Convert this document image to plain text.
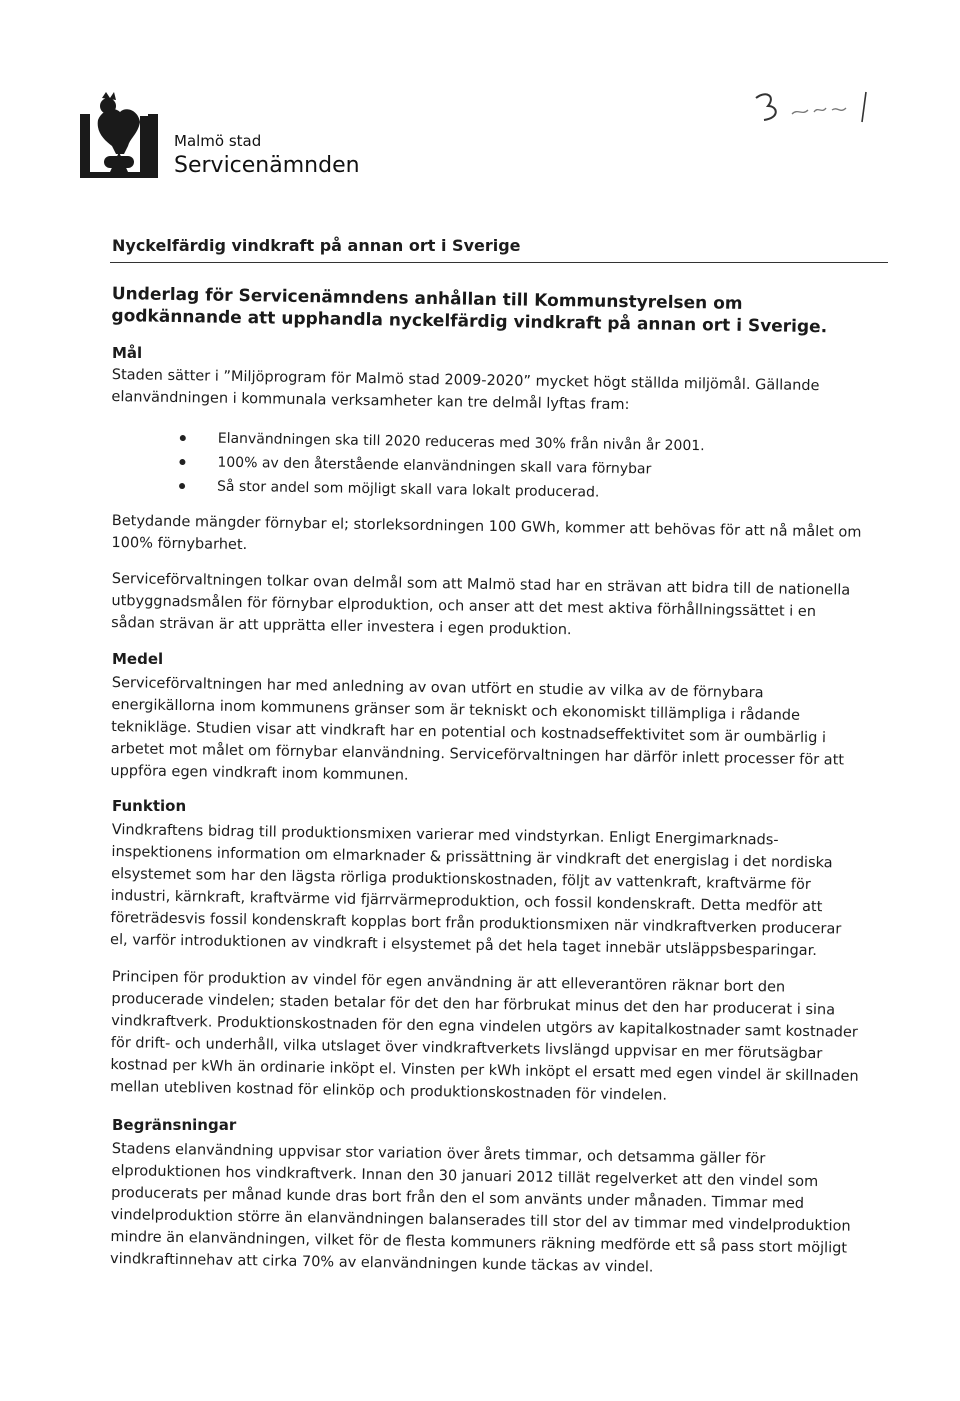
Malmö stad
Servicenämnden
3
Nyckelfärdig vindkraft på annan ort i Sverige
Underlag för Servicenämndens anhållan till Kommunstyrelsen om godkännande att upphandla nyckelfärdig vindkraft på annan ort i Sverige.
Mål
Staden sätter i ”Miljöprogram för Malmö stad 2009-2020” mycket högt ställda miljömål. Gällande elanvändningen i kommunala verksamheter kan tre delmål lyftas fram:
Elanvändningen ska till 2020 reduceras med 30% från nivån år 2001.
100% av den återstående elanvändningen skall vara förnybar
Så stor andel som möjligt skall vara lokalt producerad.
Betydande mängder förnybar el; storleksordningen 100 GWh, kommer att behövas för att nå målet om 100% förnybarhet.
Serviceförvaltningen tolkar ovan delmål som att Malmö stad har en strävan att bidra till de nationella utbyggnadsmålen för förnybar elproduktion, och anser att det mest aktiva förhållningssättet i en sådan strävan är att upprätta eller investera i egen produktion.
Medel
Serviceförvaltningen har med anledning av ovan utfört en studie av vilka av de förnybara energikällorna inom kommunens gränser som är tekniskt och ekonomiskt tillämpliga i rådande teknikläge. Studien visar att vindkraft har en potential och kostnadseffektivitet som är oumbärlig i arbetet mot målet om förnybar elanvändning. Serviceförvaltningen har därför inlett processer för att uppföra egen vindkraft inom kommunen.
Funktion
Vindkraftens bidrag till produktionsmixen varierar med vindstyrkan. Enligt Energimarknads-inspektionens information om elmarknader & prissättning är vindkraft det energislag i det nordiska elsystemet som har den lägsta rörliga produktionskostnaden, följt av vattenkraft, kraftvärme för industri, kärnkraft, kraftvärme vid fjärrvärmeproduktion, och fossil kondenskraft. Detta medför att företrädesvis fossil kondenskraft kopplas bort från produktionsmixen när vindkraftverken producerar el, varför introduktionen av vindkraft i elsystemet på det hela taget innebär utsläppsbesparingar.
Principen för produktion av vindel för egen användning är att elleverantören räknar bort den producerade vindelen; staden betalar för det den har förbrukat minus det den har producerat i sina vindkraftverk. Produktionskostnaden för den egna vindelen utgörs av kapitalkostnader samt kostnader för drift- och underhåll, vilka utslaget över vindkraftverkets livslängd uppvisar en mer förutsägbar kostnad per kWh än ordinarie inköpt el. Vinsten per kWh inköpt el ersatt med egen vindel är skillnaden mellan utebliven kostnad för elinköp och produktionskostnaden för vindelen.
Begränsningar
Stadens elanvändning uppvisar stor variation över årets timmar, och detsamma gäller för elproduktionen hos vindkraftverk. Innan den 30 januari 2012 tillät regelverket att den vindel som producerats per månad kunde dras bort från den el som använts under månaden. Timmar med vindelproduktion större än elanvändningen balanserades till stor del av timmar med vindelproduktion mindre än elanvändningen, vilket för de flesta kommuners räkning medförde ett så pass stort möjligt vindkraftinnehav att cirka 70% av elanvändningen kunde täckas av vindel.
